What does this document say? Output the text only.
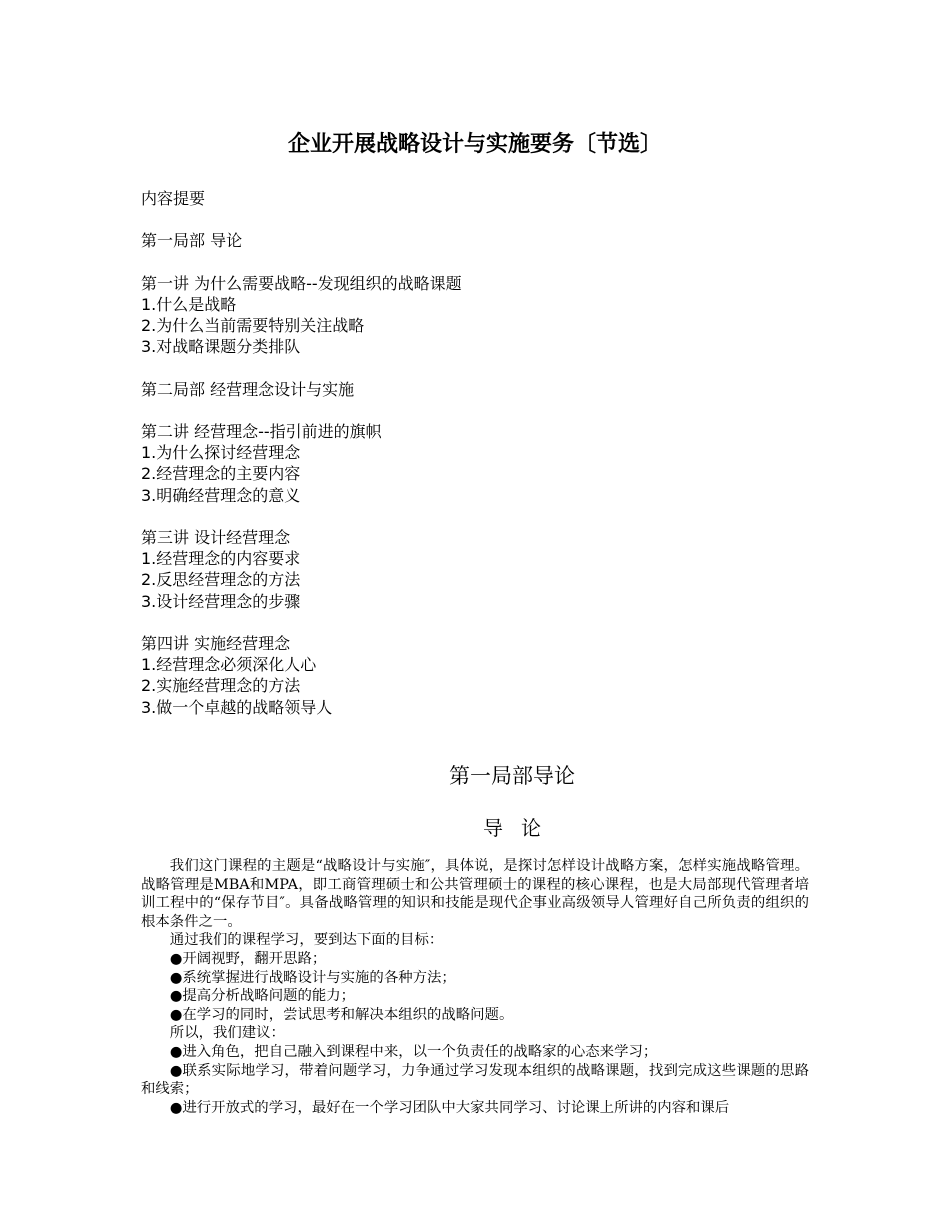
企业开展战略设计与实施要务〔节选〕
内容提要
第一局部 导论
第一讲 为什么需要战略--发现组织的战略课题
1.什么是战略
2.为什么当前需要特别关注战略
3.对战略课题分类排队
第二局部 经营理念设计与实施
第二讲 经营理念--指引前进的旗帜
1.为什么探讨经营理念
2.经营理念的主要内容
3.明确经营理念的意义
第三讲 设计经营理念
1.经营理念的内容要求
2.反思经营理念的方法
3.设计经营理念的步骤
第四讲 实施经营理念
1.经营理念必须深化人心
2.实施经营理念的方法
3.做一个卓越的战略领导人
第一局部导论
导论

我们这门课程的主题是“战略设计与实施″，具体说，是探讨怎样设计战略方案，怎样实施战略管理。战略管理是MBA和MPA，即工商管理硕士和公共管理硕士的课程的核心课程，也是大局部现代管理者培训工程中的“保存节目″。具备战略管理的知识和技能是现代企事业高级领导人管理好自己所负责的组织的根本条件之一。

通过我们的课程学习，要到达下面的目标：

●开阔视野，翻开思路；

●系统掌握进行战略设计与实施的各种方法；

●提高分析战略问题的能力；

●在学习的同时，尝试思考和解决本组织的战略问题。

所以，我们建议：

●进入角色，把自己融入到课程中来，以一个负责任的战略家的心态来学习；

●联系实际地学习，带着问题学习，力争通过学习发现本组织的战略课题，找到完成这些课题的思路和线索；

●进行开放式的学习，最好在一个学习团队中大家共同学习、讨论课上所讲的内容和课后
